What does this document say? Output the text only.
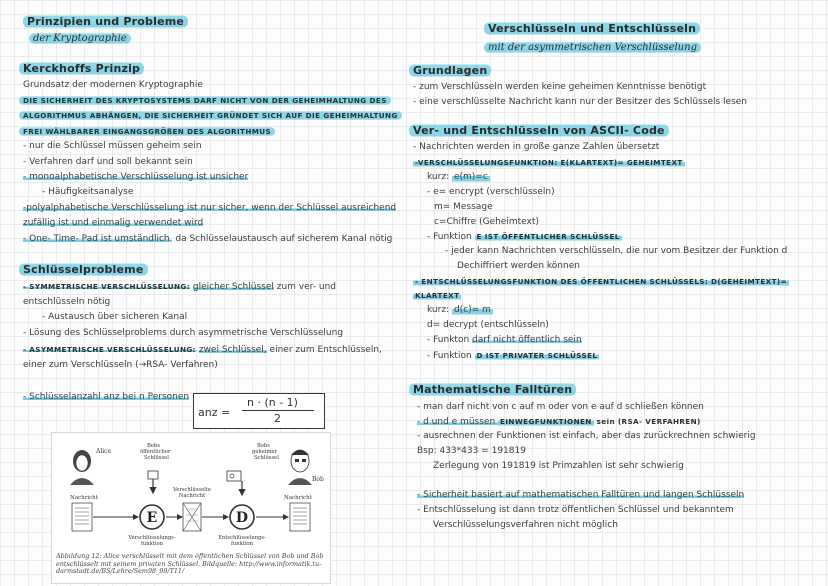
Prinzipien und Probleme
der Kryptographie
Kerckhoffs Prinzip
Grundsatz der modernen Kryptographie
DIE SICHERHEIT DES KRYPTOSYSTEMS DARF NICHT VON DER GEHEIMHALTUNG DES
ALGORITHMUS ABHÄNGEN, DIE SICHERHEIT GRÜNDET SICH AUF DIE GEHEIMHALTUNG
FREI WÄHLBARER EINGANGSGRÖßEN DES ALGORITHMUS
- nur die Schlüssel müssen geheim sein
- Verfahren darf und soll bekannt sein
- monoalphabetische Verschlüsselung ist unsicher
- Häufigkeitsanalyse
-polyalphabetische Verschlüsselung ist nur sicher, wenn der Schlüssel ausreichend
zufällig ist und einmalig verwendet wird
- One- Time- Pad ist umständlich, da Schlüsselaustausch auf sicherem Kanal nötig
Schlüsselprobleme
- SYMMETRISCHE VERSCHLÜSSELUNG: gleicher Schlüssel zum ver- und
entschlüsseln nötig
- Austausch über sicheren Kanal
- Lösung des Schlüsselproblems durch asymmetrische Verschlüsselung
- ASYMMETRISCHE VERSCHLÜSSELUNG: zwei Schlüssel, einer zum Entschlüsseln,
einer zum Verschlüsseln (→RSA- Verfahren)
- Schlüsselanzahl anz bei n Personen
anz =
n · (n - 1)
2
Alice
Bob
Bobs öffentlicher Schlüssel
Bobs geheimer Schlüssel
Nachricht	Nachricht
E
Verschlüsselte Nachricht
D
Verschlüsselungs-funktion
Entschlüsselungs-funktion
Abbildung 12: Alice verschlüsselt mit dem öffentlichen Schlüssel von Bob und Bob entschlüsselt mit seinem privaten Schlüssel. Bildquelle: http://www.informatik.tu-darmstadt.de/BS/Lehre/Sem98_99/T11/
Verschlüsseln und Entschlüsseln
mit der asymmetrischen Verschlüsselung
Grundlagen
- zum Verschlüsseln werden keine geheimen Kenntnisse benötigt
- eine verschlüsselte Nachricht kann nur der Besitzer des Schlüssels lesen
Ver- und Entschlüsseln von ASCII- Code
- Nachrichten werden in große ganze Zahlen übersetzt
-VERSCHLÜSSELUNGSFUNKTION: E(KLARTEXT)= GEHEIMTEXT
kurz: e(m)=c
- e= encrypt (verschlüsseln)
m= Message
c=Chiffre (Geheimtext)
- Funktion E IST ÖFFENTLICHER SCHLÜSSEL
- jeder kann Nachrichten verschlüsseln, die nur vom Besitzer der Funktion d
Dechiffriert werden können
- ENTSCHLÜSSELUNGSFUNKTION DES ÖFFENTLICHEN SCHLÜSSELS: D(GEHEIMTEXT)=
KLARTEXT
kurz: d(c)= m
d= decrypt (entschlüsseln)
- Funkton darf nicht öffentlich sein
- Funktion D IST PRIVATER SCHLÜSSEL
Mathematische Falltüren
- man darf nicht von c auf m oder von e auf d schließen können
- d und e müssen EINWEGFUNKTIONEN sein (RSA- VERFAHREN)
- ausrechnen der Funktionen ist einfach, aber das zurückrechnen schwierig
Bsp: 433*433 = 191819
Zerlegung von 191819 ist Primzahlen ist sehr schwierig
- Sicherheit basiert auf mathematischen Falltüren und langen Schlüsseln
- Entschlüsselung ist dann trotz öffentlichen Schlüssel und bekanntem
Verschlüsselungsverfahren nicht möglich
